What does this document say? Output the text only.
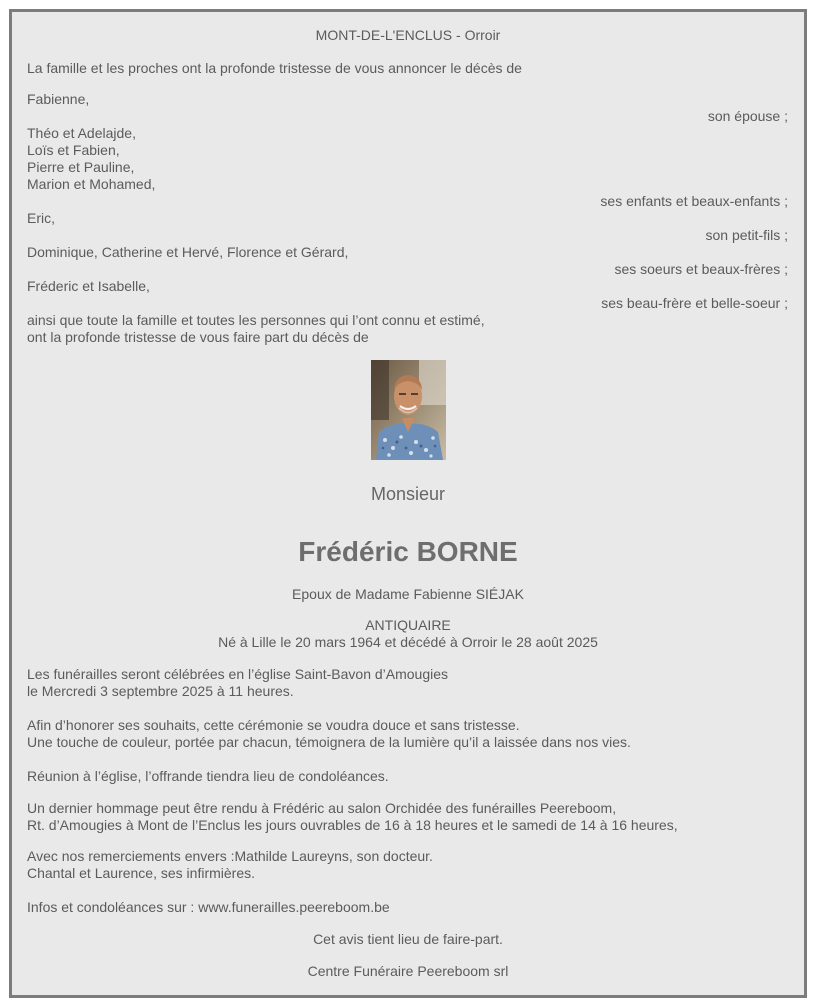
MONT-DE-L'ENCLUS - Orroir
La famille et les proches ont la profonde tristesse de vous annoncer le décès de
Fabienne,
son épouse ;
Théo et Adelajde,
Loïs et Fabien,
Pierre et Pauline,
Marion et Mohamed,
ses enfants et beaux-enfants ;
Eric,
son petit-fils ;
Dominique, Catherine et Hervé, Florence et Gérard,
ses soeurs et beaux-frères ;
Fréderic et Isabelle,
ses beau-frère et belle-soeur ;
ainsi que toute la famille et toutes les personnes qui l’ont connu et estimé,
ont la profonde tristesse de vous faire part du décès de
Monsieur
Frédéric BORNE
Epoux de Madame Fabienne SIÉJAK
ANTIQUAIRE
Né à Lille le 20 mars 1964 et décédé à Orroir le 28 août 2025
Les funérailles seront célébrées en l’église Saint-Bavon d’Amougies
le Mercredi 3 septembre 2025 à 11 heures.
Afin d’honorer ses souhaits, cette cérémonie se voudra douce et sans tristesse.
Une touche de couleur, portée par chacun, témoignera de la lumière qu’il a laissée dans nos vies.
Réunion à l’église, l’offrande tiendra lieu de condoléances.
Un dernier hommage peut être rendu à Frédéric au salon Orchidée des funérailles Peereboom,
Rt. d’Amougies à Mont de l’Enclus les jours ouvrables de 16 à 18 heures et le samedi de 14 à 16 heures,
Avec nos remerciements envers :Mathilde Laureyns, son docteur.
Chantal et Laurence, ses infirmières.
Infos et condoléances sur : www.funerailles.peereboom.be
Cet avis tient lieu de faire-part.
Centre Funéraire Peereboom srl
